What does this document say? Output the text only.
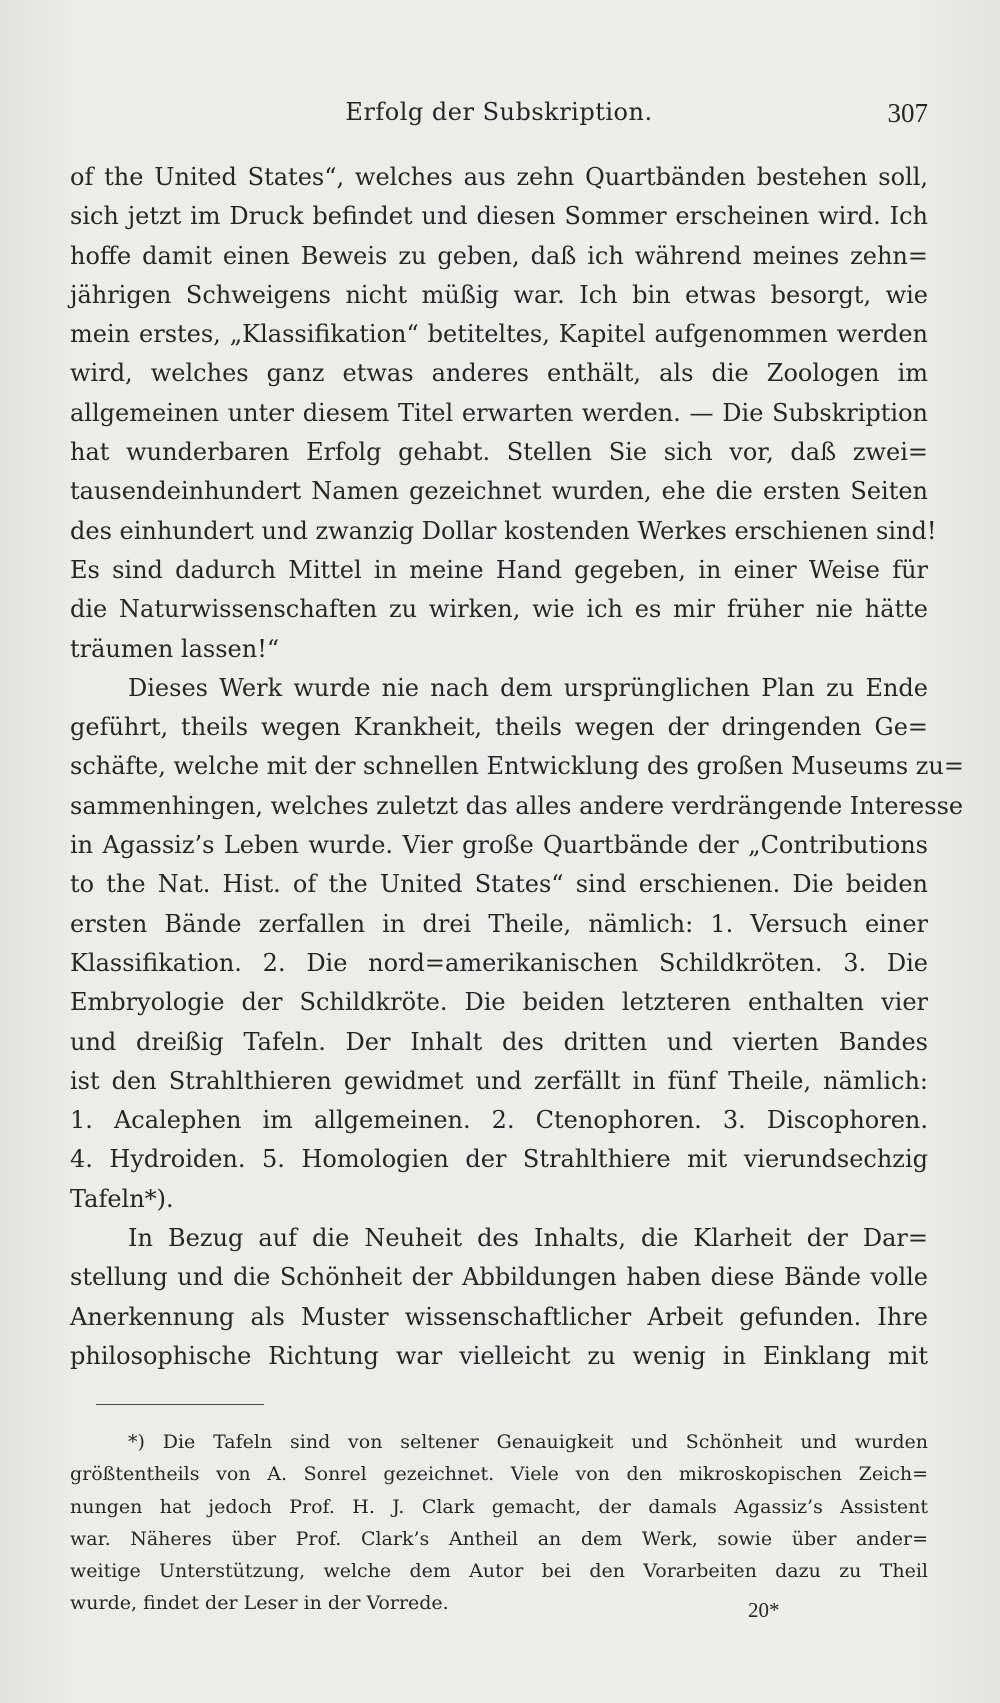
Erfolg der Subskription.	307
of the United States“, welches aus zehn Quartbänden bestehen soll,
sich jetzt im Druck befindet und diesen Sommer erscheinen wird. Ich
hoffe damit einen Beweis zu geben, daß ich während meines zehn=
jährigen Schweigens nicht müßig war. Ich bin etwas besorgt, wie
mein erstes, „Klassifikation“ betiteltes, Kapitel aufgenommen werden
wird, welches ganz etwas anderes enthält, als die Zoologen im
allgemeinen unter diesem Titel erwarten werden. — Die Subskription
hat wunderbaren Erfolg gehabt. Stellen Sie sich vor, daß zwei=
tausendeinhundert Namen gezeichnet wurden, ehe die ersten Seiten
des einhundert und zwanzig Dollar kostenden Werkes erschienen sind!
Es sind dadurch Mittel in meine Hand gegeben, in einer Weise für
die Naturwissenschaften zu wirken, wie ich es mir früher nie hätte
träumen lassen!“
Dieses Werk wurde nie nach dem ursprünglichen Plan zu Ende
geführt, theils wegen Krankheit, theils wegen der dringenden Ge=
schäfte, welche mit der schnellen Entwicklung des großen Museums zu=
sammenhingen, welches zuletzt das alles andere verdrängende Interesse
in Agassiz’s Leben wurde. Vier große Quartbände der „Contributions
to the Nat. Hist. of the United States“ sind erschienen. Die beiden
ersten Bände zerfallen in drei Theile, nämlich: 1. Versuch einer
Klassifikation. 2. Die nord=amerikanischen Schildkröten. 3. Die
Embryologie der Schildkröte. Die beiden letzteren enthalten vier
und dreißig Tafeln. Der Inhalt des dritten und vierten Bandes
ist den Strahlthieren gewidmet und zerfällt in fünf Theile, nämlich:
1. Acalephen im allgemeinen. 2. Ctenophoren. 3. Discophoren.
4. Hydroiden. 5. Homologien der Strahlthiere mit vierundsechzig
Tafeln*).
In Bezug auf die Neuheit des Inhalts, die Klarheit der Dar=
stellung und die Schönheit der Abbildungen haben diese Bände volle
Anerkennung als Muster wissenschaftlicher Arbeit gefunden. Ihre
philosophische Richtung war vielleicht zu wenig in Einklang mit
*) Die Tafeln sind von seltener Genauigkeit und Schönheit und wurden
größtentheils von A. Sonrel gezeichnet. Viele von den mikroskopischen Zeich=
nungen hat jedoch Prof. H. J. Clark gemacht, der damals Agassiz’s Assistent
war. Näheres über Prof. Clark’s Antheil an dem Werk, sowie über ander=
weitige Unterstützung, welche dem Autor bei den Vorarbeiten dazu zu Theil
wurde, findet der Leser in der Vorrede.	20*
